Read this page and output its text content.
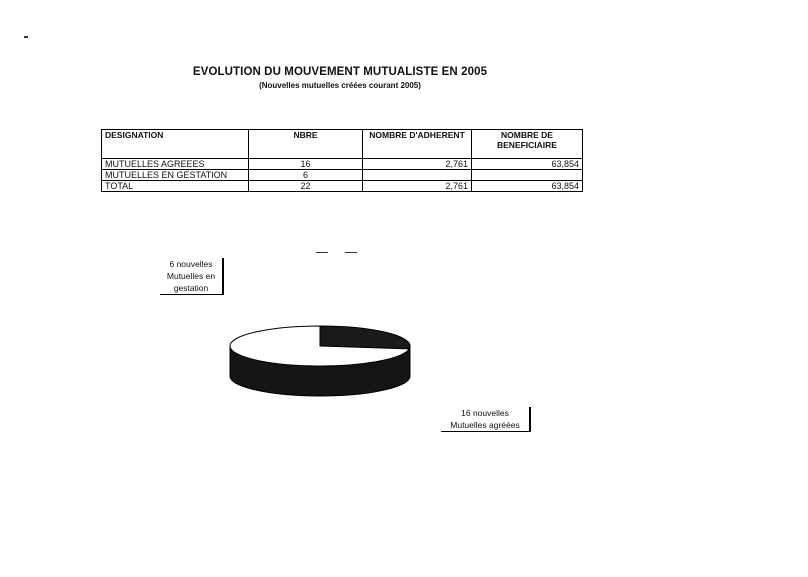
EVOLUTION DU MOUVEMENT MUTUALISTE EN 2005
(Nouvelles mutuelles créées courant 2005)
DESIGNATION	NBRE	NOMBRE D'ADHERENT	NOMBRE DE BENEFICIAIRE
MUTUELLES AGREEES	16	2,761	63,854
MUTUELLES EN GESTATION	6		
TOTAL	22	2,761	63,854
6 nouvelles Mutuelles en gestation
16 nouvelles Mutuelles agréées
